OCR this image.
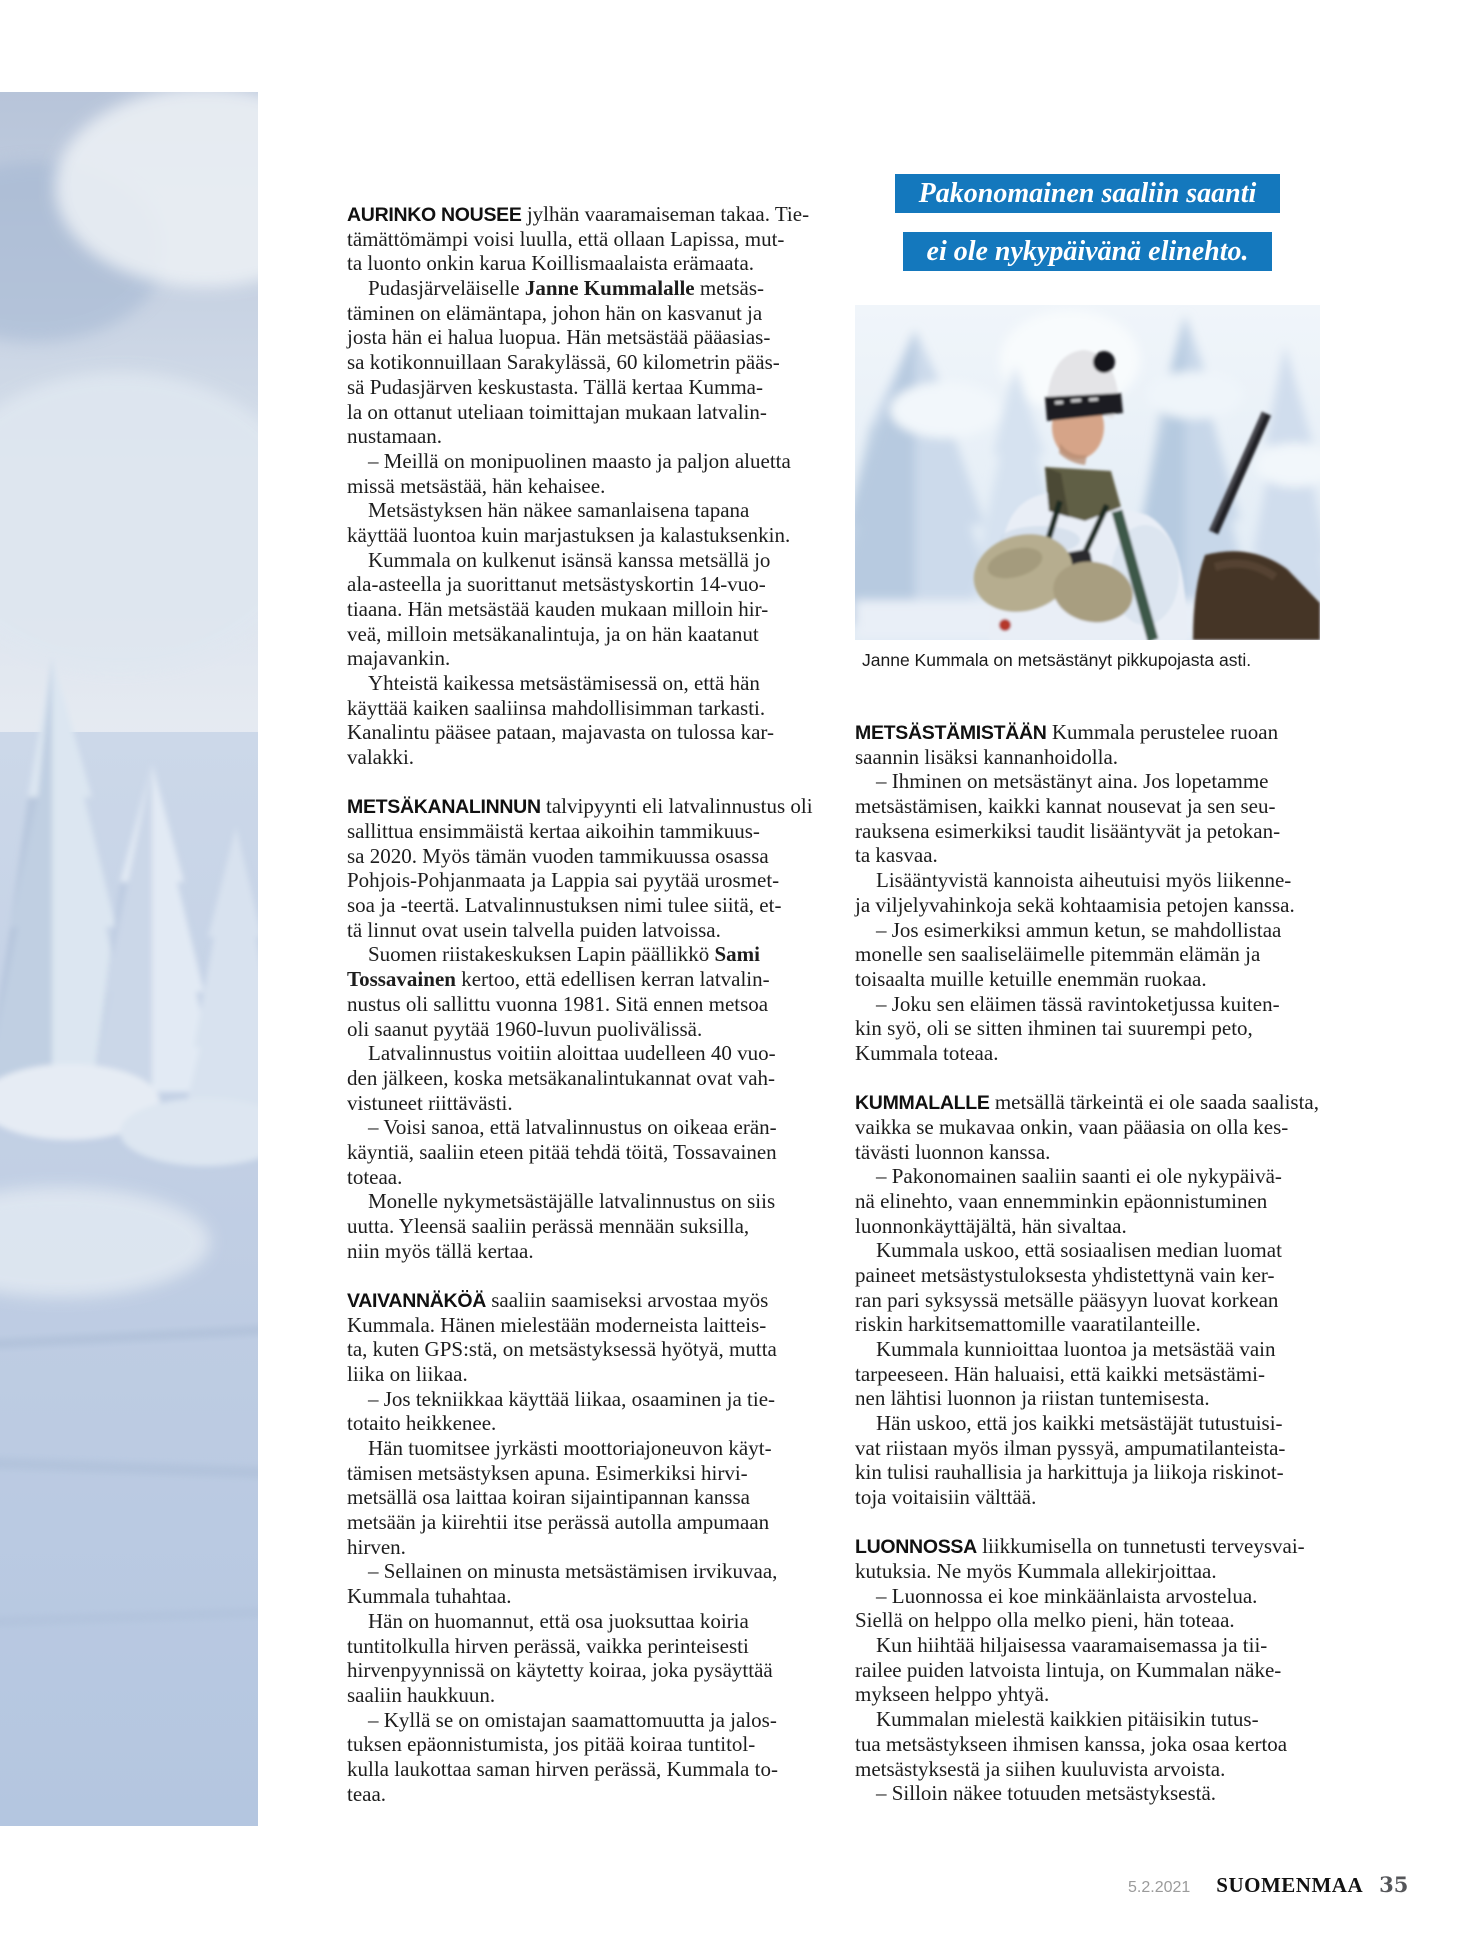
AURINKO NOUSEE jylhän vaaramaiseman takaa. Tie-
tämättömämpi voisi luulla, että ollaan Lapissa, mut-
ta luonto onkin karua Koillismaalaista erämaata.
Pudasjärveläiselle Janne Kummalalle metsäs-
täminen on elämäntapa, johon hän on kasvanut ja
josta hän ei halua luopua. Hän metsästää pääasias-
sa kotikonnuillaan Sarakylässä, 60 kilometrin pääs-
sä Pudasjärven keskustasta. Tällä kertaa Kumma-
la on ottanut uteliaan toimittajan mukaan latvalin-
nustamaan.
– Meillä on monipuolinen maasto ja paljon aluetta
missä metsästää, hän kehaisee.
Metsästyksen hän näkee samanlaisena tapana
käyttää luontoa kuin marjastuksen ja kalastuksenkin.
Kummala on kulkenut isänsä kanssa metsällä jo
ala-asteella ja suorittanut metsästyskortin 14-vuo-
tiaana. Hän metsästää kauden mukaan milloin hir-
veä, milloin metsäkanalintuja, ja on hän kaatanut
majavankin.
Yhteistä kaikessa metsästämisessä on, että hän
käyttää kaiken saaliinsa mahdollisimman tarkasti.
Kanalintu pääsee pataan, majavasta on tulossa kar-
valakki.
METSÄKANALINNUN talvipyynti eli latvalinnustus oli
sallittua ensimmäistä kertaa aikoihin tammikuus-
sa 2020. Myös tämän vuoden tammikuussa osassa
Pohjois-Pohjanmaata ja Lappia sai pyytää urosmet-
soa ja -teertä. Latvalinnustuksen nimi tulee siitä, et-
tä linnut ovat usein talvella puiden latvoissa.
Suomen riistakeskuksen Lapin päällikkö Sami
Tossavainen kertoo, että edellisen kerran latvalin-
nustus oli sallittu vuonna 1981. Sitä ennen metsoa
oli saanut pyytää 1960-luvun puolivälissä.
Latvalinnustus voitiin aloittaa uudelleen 40 vuo-
den jälkeen, koska metsäkanalintukannat ovat vah-
vistuneet riittävästi.
– Voisi sanoa, että latvalinnustus on oikeaa erän-
käyntiä, saaliin eteen pitää tehdä töitä, Tossavainen
toteaa.
Monelle nykymetsästäjälle latvalinnustus on siis
uutta. Yleensä saaliin perässä mennään suksilla,
niin myös tällä kertaa.
VAIVANNÄKÖÄ saaliin saamiseksi arvostaa myös
Kummala. Hänen mielestään moderneista laitteis-
ta, kuten GPS:stä, on metsästyksessä hyötyä, mutta
liika on liikaa.
– Jos tekniikkaa käyttää liikaa, osaaminen ja tie-
totaito heikkenee.
Hän tuomitsee jyrkästi moottoriajoneuvon käyt-
tämisen metsästyksen apuna. Esimerkiksi hirvi-
metsällä osa laittaa koiran sijaintipannan kanssa
metsään ja kiirehtii itse perässä autolla ampumaan
hirven.
– Sellainen on minusta metsästämisen irvikuvaa,
Kummala tuhahtaa.
Hän on huomannut, että osa juoksuttaa koiria
tuntitolkulla hirven perässä, vaikka perinteisesti
hirvenpyynnissä on käytetty koiraa, joka pysäyttää
saaliin haukkuun.
– Kyllä se on omistajan saamattomuutta ja jalos-
tuksen epäonnistumista, jos pitää koiraa tuntitol-
kulla laukottaa saman hirven perässä, Kummala to-
teaa.
Pakonomainen saaliin saanti
ei ole nykypäivänä elinehto.
Janne Kummala on metsästänyt pikkupojasta asti.
METSÄSTÄMISTÄÄN Kummala perustelee ruoan
saannin lisäksi kannanhoidolla.
– Ihminen on metsästänyt aina. Jos lopetamme
metsästämisen, kaikki kannat nousevat ja sen seu-
rauksena esimerkiksi taudit lisääntyvät ja petokan-
ta kasvaa.
Lisääntyvistä kannoista aiheutuisi myös liikenne-
ja viljelyvahinkoja sekä kohtaamisia petojen kanssa.
– Jos esimerkiksi ammun ketun, se mahdollistaa
monelle sen saaliseläimelle pitemmän elämän ja
toisaalta muille ketuille enemmän ruokaa.
– Joku sen eläimen tässä ravintoketjussa kuiten-
kin syö, oli se sitten ihminen tai suurempi peto,
Kummala toteaa.
KUMMALALLE metsällä tärkeintä ei ole saada saalista,
vaikka se mukavaa onkin, vaan pääasia on olla kes-
tävästi luonnon kanssa.
– Pakonomainen saaliin saanti ei ole nykypäivä-
nä elinehto, vaan ennemminkin epäonnistuminen
luonnonkäyttäjältä, hän sivaltaa.
Kummala uskoo, että sosiaalisen median luomat
paineet metsästystuloksesta yhdistettynä vain ker-
ran pari syksyssä metsälle pääsyyn luovat korkean
riskin harkitsemattomille vaaratilanteille.
Kummala kunnioittaa luontoa ja metsästää vain
tarpeeseen. Hän haluaisi, että kaikki metsästämi-
nen lähtisi luonnon ja riistan tuntemisesta.
Hän uskoo, että jos kaikki metsästäjät tutustuisi-
vat riistaan myös ilman pyssyä, ampumatilanteista-
kin tulisi rauhallisia ja harkittuja ja liikoja riskinot-
toja voitaisiin välttää.
LUONNOSSA liikkumisella on tunnetusti terveysvai-
kutuksia. Ne myös Kummala allekirjoittaa.
– Luonnossa ei koe minkäänlaista arvostelua.
Siellä on helppo olla melko pieni, hän toteaa.
Kun hiihtää hiljaisessa vaaramaisemassa ja tii-
railee puiden latvoista lintuja, on Kummalan näke-
mykseen helppo yhtyä.
Kummalan mielestä kaikkien pitäisikin tutus-
tua metsästykseen ihmisen kanssa, joka osaa kertoa
metsästyksestä ja siihen kuuluvista arvoista.
– Silloin näkee totuuden metsästyksestä.
5.2.2021 SUOMENMAA 35
